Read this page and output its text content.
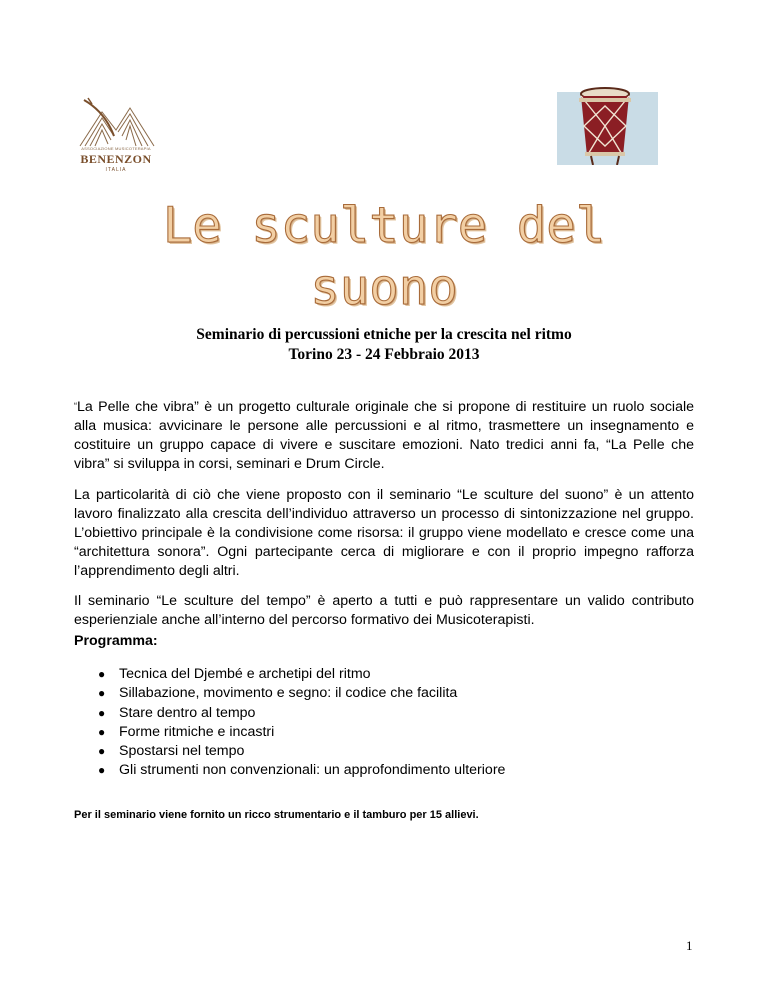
ASSOCIAZIONE MUSICOTERAPIA
BENENZON
ITALIA
Le sculture del
suono
Seminario di percussioni etniche per la crescita nel ritmo
Torino 23 - 24 Febbraio 2013

“La Pelle che vibra” è un progetto culturale originale che si propone di restituire un ruolo sociale alla musica: avvicinare le persone alle percussioni e al ritmo, trasmettere un insegnamento e costituire un gruppo capace di vivere e suscitare emozioni. Nato tredici anni fa, “La Pelle che vibra” si sviluppa in corsi, seminari e Drum Circle.

La particolarità di ciò che viene proposto con il seminario “Le sculture del suono” è un attento lavoro finalizzato alla crescita dell’individuo attraverso un processo di sintonizzazione nel gruppo. L’obiettivo principale è la condivisione come risorsa: il gruppo viene modellato e cresce come una “architettura sonora”. Ogni partecipante cerca di migliorare e con il proprio impegno rafforza l’apprendimento degli altri.

Il seminario “Le sculture del tempo” è aperto a tutti e può rappresentare un valido contributo esperienziale anche all’interno del percorso formativo dei Musicoterapisti.

Programma:
● Tecnica del Djembé e archetipi del ritmo
● Sillabazione, movimento e segno: il codice che facilita
● Stare dentro al tempo
● Forme ritmiche e incastri
● Spostarsi nel tempo
● Gli strumenti non convenzionali: un approfondimento ulteriore
Per il seminario viene fornito un ricco strumentario e il tamburo per 15 allievi.
1
